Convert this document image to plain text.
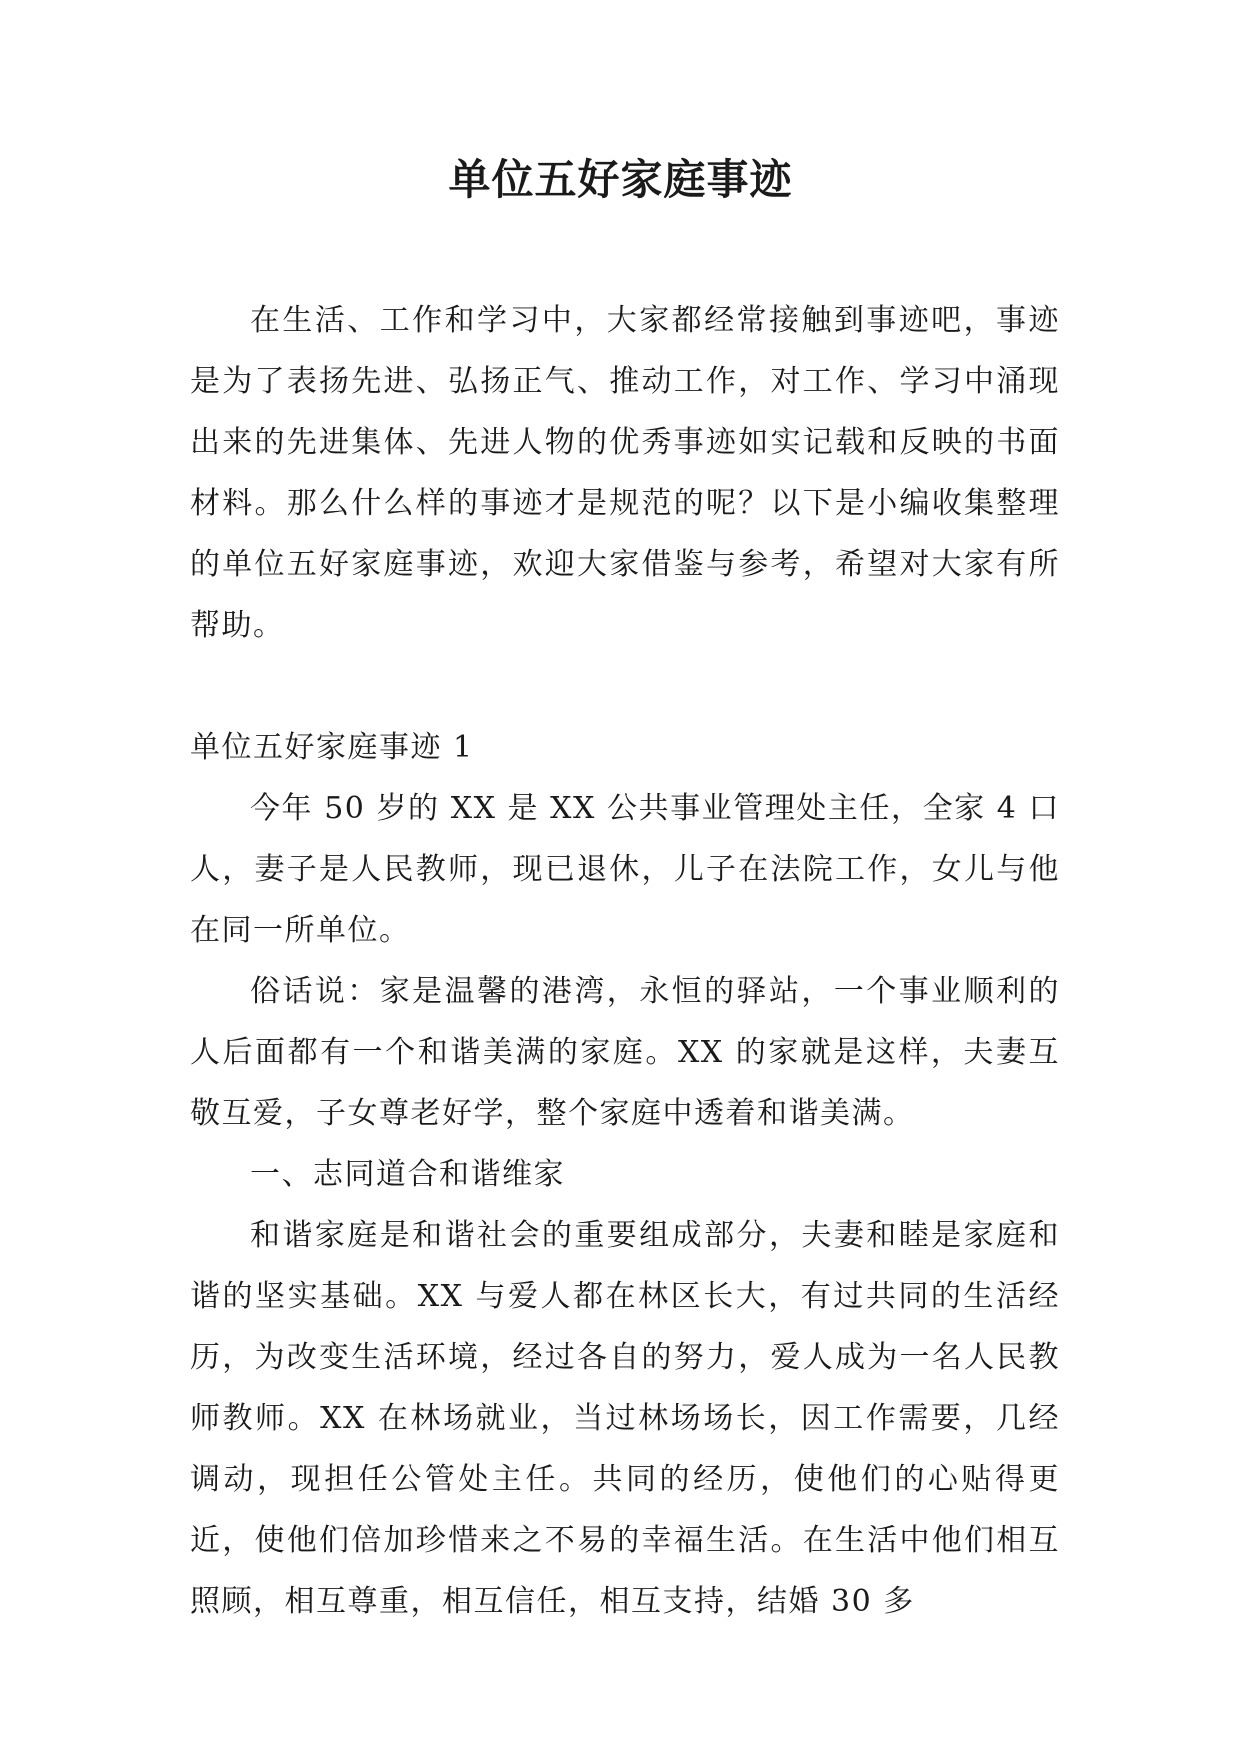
单位五好家庭事迹

在生活、工作和学习中，大家都经常接触到事迹吧，事迹是为了表扬先进、弘扬正气、推动工作，对工作、学习中涌现出来的先进集体、先进人物的优秀事迹如实记载和反映的书面材料。那么什么样的事迹才是规范的呢？以下是小编收集整理的单位五好家庭事迹，欢迎大家借鉴与参考，希望对大家有所帮助。

单位五好家庭事迹 1

今年 50 岁的 XX 是 XX 公共事业管理处主任，全家 4 口人，妻子是人民教师，现已退休，儿子在法院工作，女儿与他在同一所单位。

俗话说：家是温馨的港湾，永恒的驿站，一个事业顺利的人后面都有一个和谐美满的家庭。XX 的家就是这样，夫妻互敬互爱，子女尊老好学，整个家庭中透着和谐美满。

一、志同道合和谐维家

和谐家庭是和谐社会的重要组成部分，夫妻和睦是家庭和谐的坚实基础。XX 与爱人都在林区长大，有过共同的生活经历，为改变生活环境，经过各自的努力，爱人成为一名人民教师教师。XX 在林场就业，当过林场场长，因工作需要，几经调动，现担任公管处主任。共同的经历，使他们的心贴得更近，使他们倍加珍惜来之不易的幸福生活。在生活中他们相互照顾，相互尊重，相互信任，相互支持，结婚 30 多
